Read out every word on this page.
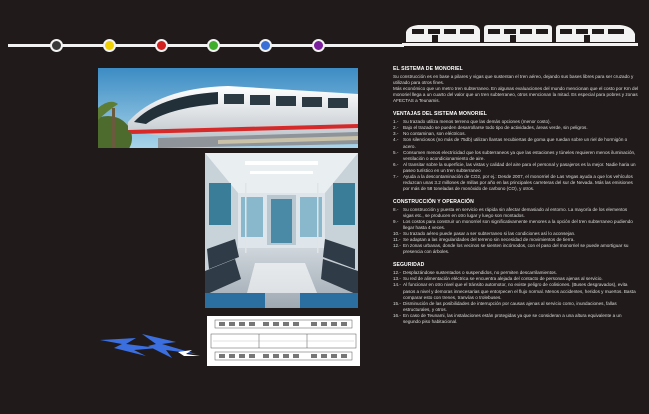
EL SISTEMA DE MONORIEL

Su construcción es en base a pilares y vigas que sustentan el tren aéreo, dejando sus bases libres para ser cruzado y utilizado para otros fines.

Más económico que un metro tren subterraneo. En algunas evaluaciones del mundo mencionan que el costo por Km del monoriel llega a un cuarto del valor que un tren subterraneo, otros mencionan la mitad. Es especial para pobres y zonas AFECTAS a Teunamis.

VENTAJAS DEL SISTEMA MONORIEL
1.-	Su trazado utiliza menos terreno que las demás opciones (menor costo).
2.-	Bajo el trazado se pueden desarrollarse todo tipo de actividades, áreas verde, sin peligros.
3.-	No contaminan, son eléctricos.
4.-	Son silenciosos (no más de 75db) utilizan llantas recubiertas de goma que ruedan sobre un riel de hormigón o acero.
5.-	Consumen menos electricidad que los subterraneos ya que las estaciones y túneles requieren menos iluminación, ventilación o acondicionamiento de aire.
6.-	Al transitar sobre la superficie, las vistas y calidad del aire para el personal y pasajeros es la mejor. Nadie haria un paseo turístico en un tren subterraneo
7.-	Ayuda a la descontaminación de CO2, por ej.: Desde 2007, el monorriel de Las Vegas ayuda a que los vehículos reduzcan unas 3.2 millones de millas por año en las principales carreteras del sur de Nevada. Más las emisiones por más de 58 toneladas de monóxido de carbono (CO), y otros.
CONSTRUCCIÓN Y OPERACIÓN
8.-	Su construcción y puesta en servicio es rápida sin afectar demasiado al entorno. La mayoría de los elementos vigas etc., se producen en otro lugar y luego son montados.
9.-	Los costos para construir un monorriel son significativamente menores a la opción del tren subterraneo pudiendo llegar hasta 4 veces.
10.- Su trazado aéreo puede pasar a ser subterraneo si las condiciones así lo aconsejan.
11.- Se adaptan a las irregularidades del terreno sin necesidad de movimientos de tierra.
12.- En zonas urbanas, donde los vecinos se sienten incómodos, con el paso del monorriel se puede amortiguar su presencia con árboles.
SEGURIDAD
12.- Desplazándose sustentados o suspendidos, no permiten descarrilamientos.
13.- Su red de alimentación eléctrica se encuentra alejada del contacto de personas ajenas al servicio.
14.- Al funcionar en otro nivel que el tránsito automotor, no existe peligro de colisiones. (Buses desgravados), evita pasos a nivel y demoras innecesarias que entorpecen el flujo normal. Menos accidentes, heridos y muertos. Basta comparar esto con trenes, tranvías o trolebuses.
15.- Disminución de las posibilidades de interrupción por causas ajenas al servicio como, inundaciones, fallas estructurales, y otros.
16.- En caso de Teunami, las instalaciones están protegidas ya que se consideran a una altura equivalente a un segundo piso habitacional.
